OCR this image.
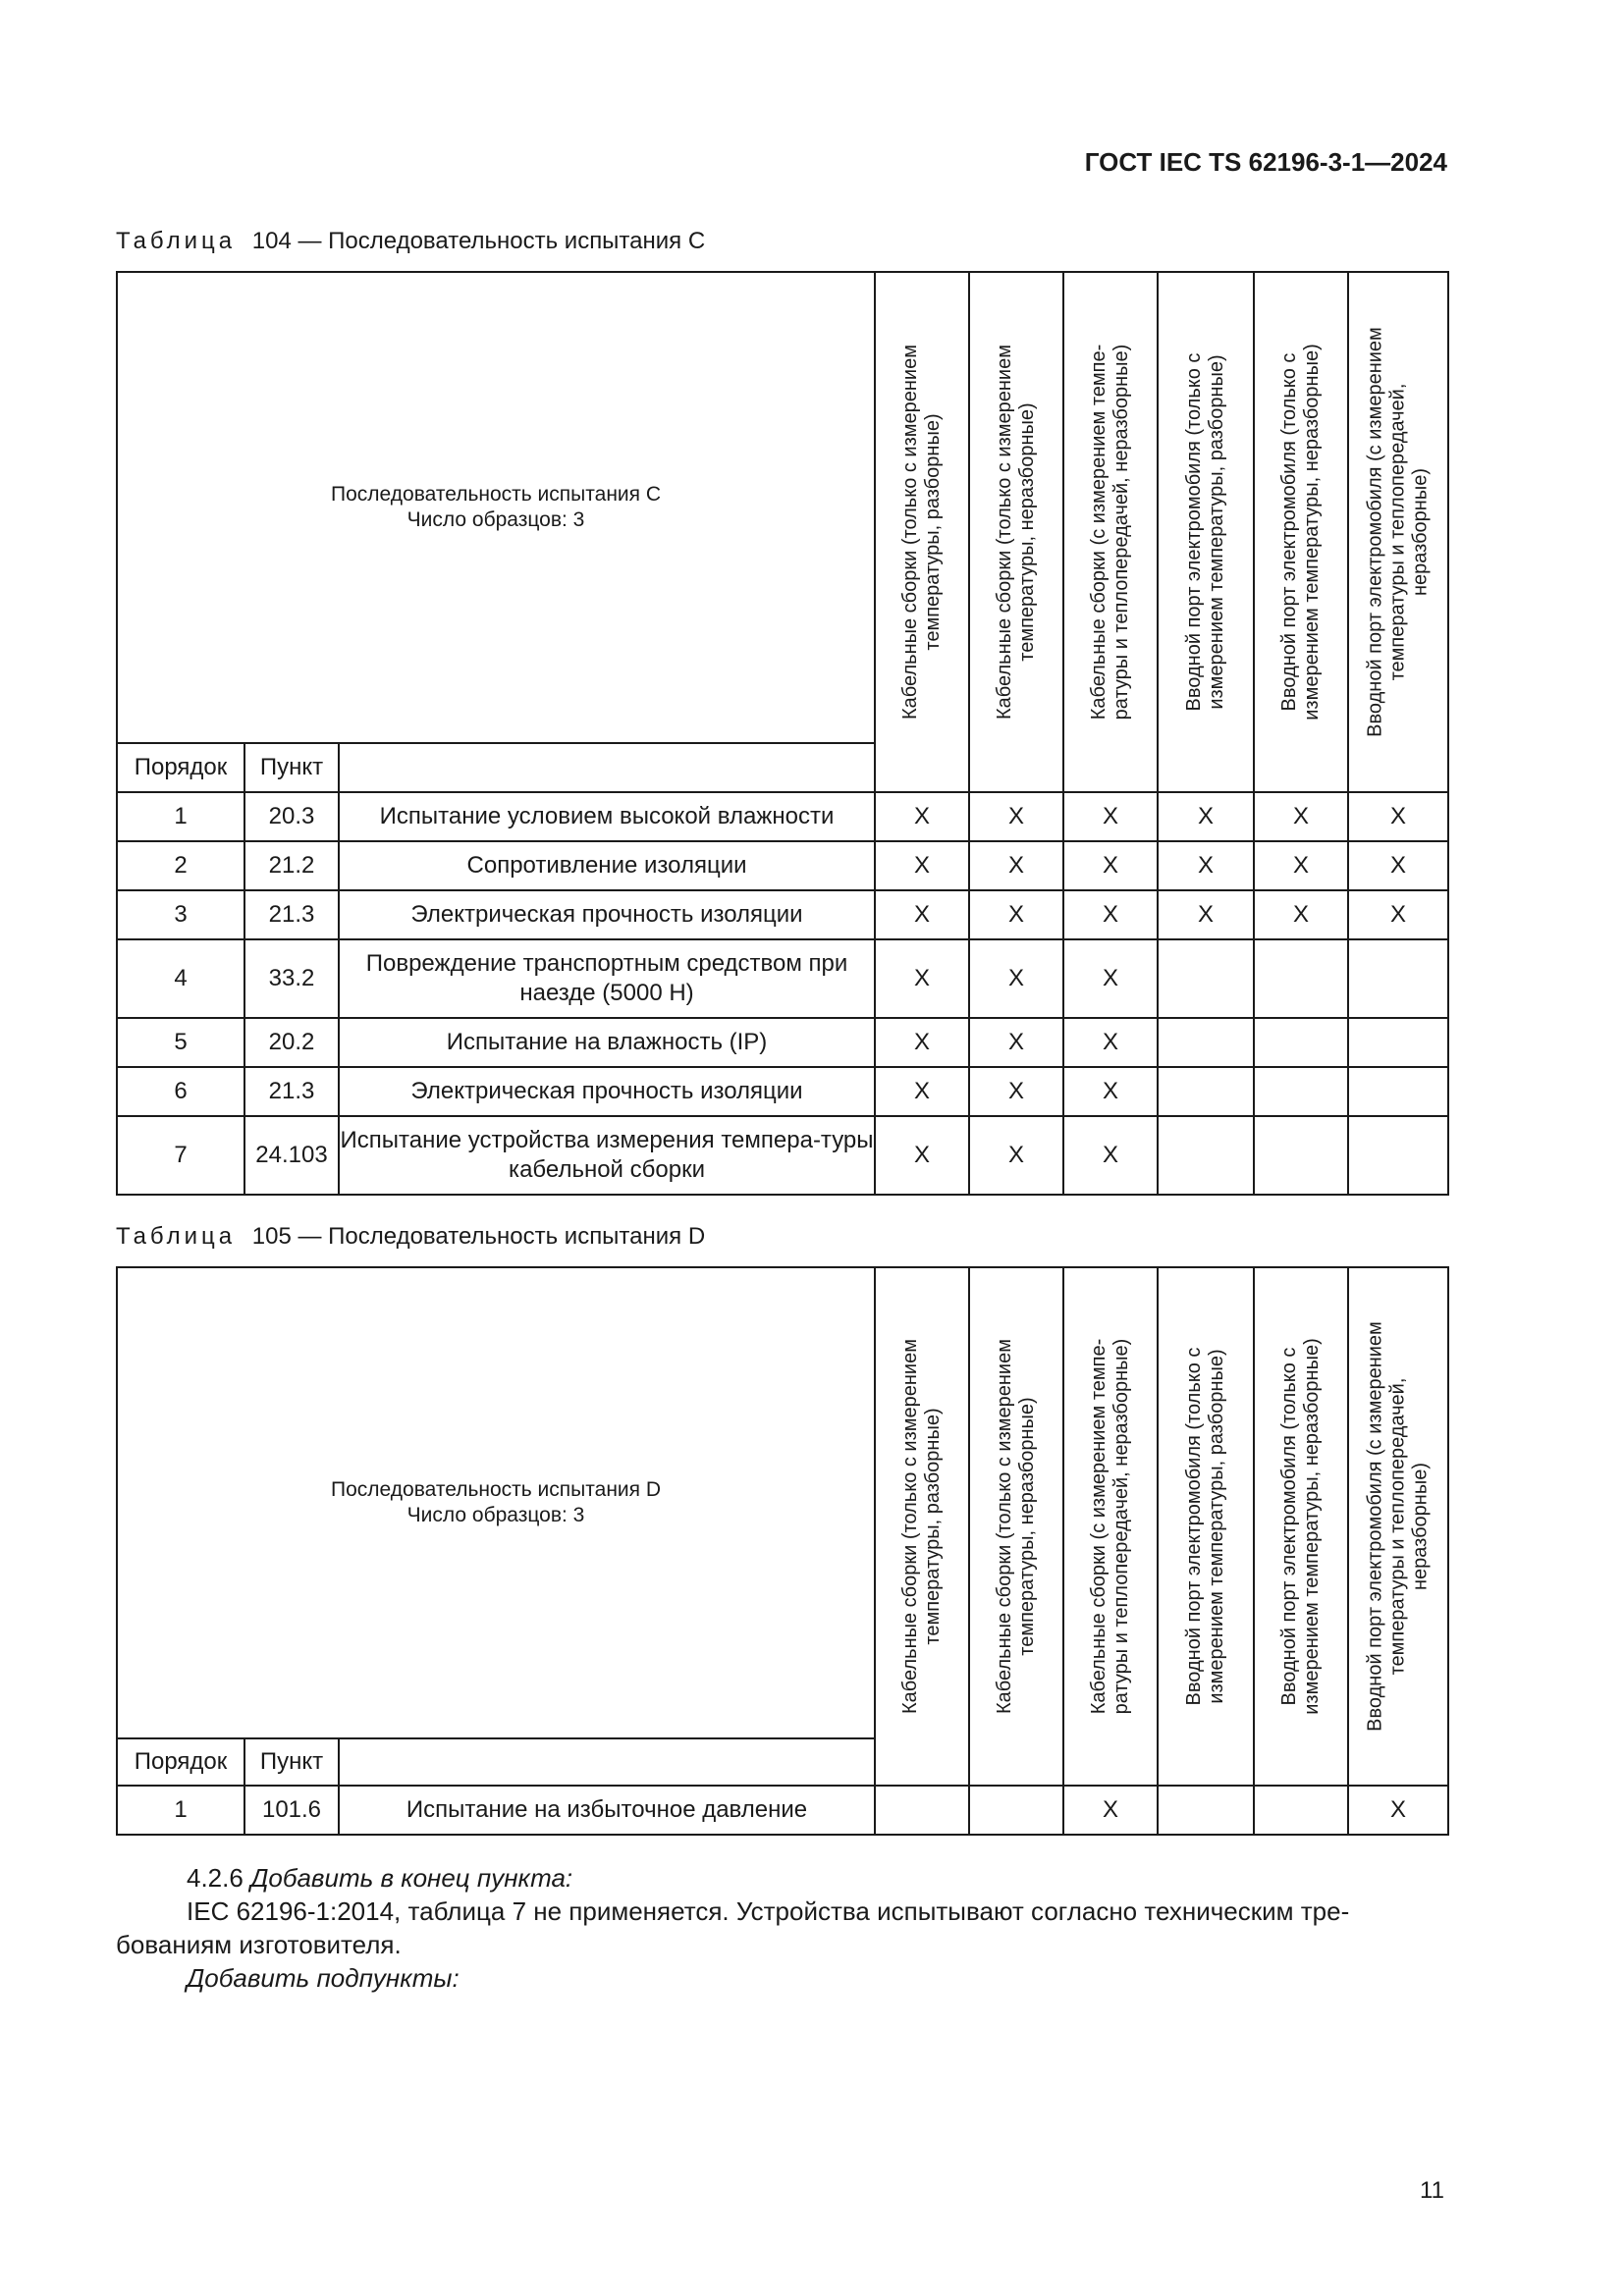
ГОСТ IEC TS 62196-3-1—2024
Таблица 104 — Последовательность испытания С
Последовательность испытания С
Число образцов: 3			Кабельные сборки (только с измерением температуры, разборные)	Кабельные сборки (только с измерением температуры, неразборные)	Кабельные сборки (с измерением темпе-ратуры и теплопередачей, неразборные)	Вводной порт электромобиля (только с измерением температуры, разборные)	Вводной порт электромобиля (только с измерением температуры, неразборные)	Вводной порт электромобиля (с измерением температуры и теплопередачей, неразборные)

Порядок	Пункт							
1	20.3	Испытание условием высокой влажности	X	X	X	X	X	X
2	21.2	Сопротивление изоляции	X	X	X	X	X	X
3	21.3	Электрическая прочность изоляции	X	X	X	X	X	X
4	33.2	Повреждение транспортным средством при наезде (5000 Н)	X	X	X			
5	20.2	Испытание на влажность (IP)	X	X	X			
6	21.3	Электрическая прочность изоляции	X	X	X			
7	24.103	Испытание устройства измерения темпера-туры кабельной сборки	X	X	X			
Таблица 105 — Последовательность испытания D
Последовательность испытания D
Число образцов: 3			Кабельные сборки (только с измерением температуры, разборные)	Кабельные сборки (только с измерением температуры, неразборные)	Кабельные сборки (с измерением темпе-ратуры и теплопередачей, неразборные)	Вводной порт электромобиля (только с измерением температуры, разборные)	Вводной порт электромобиля (только с измерением температуры, неразборные)	Вводной порт электромобиля (с измерением температуры и теплопередачей, неразборные)

Порядок	Пункт							
1	101.6	Испытание на избыточное давление			X			X
4.2.6 Добавить в конец пункта:
IEC 62196-1:2014, таблица 7 не применяется. Устройства испытывают согласно техническим тре-бованиям изготовителя.
Добавить подпункты:
11
